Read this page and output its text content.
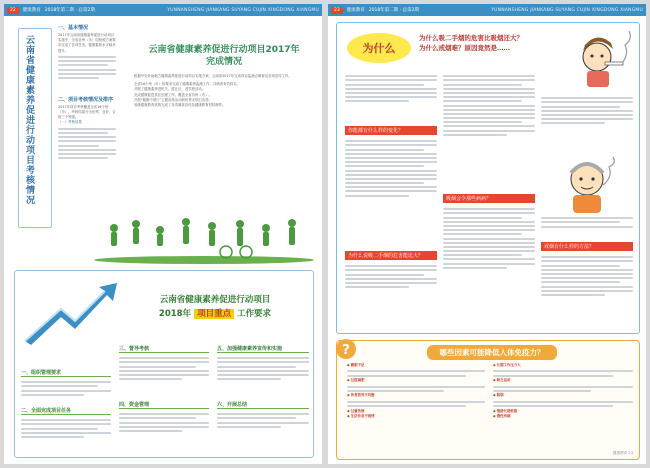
22	健康教育 2018年第二期 · 总第2期	YUNNANSHENG JIANKANG SUYANG CUJIN XINGDONG XIANGMU
云南省健康素养促进行动项目考核情况
一、基本情况
2017年云南省健康素养促进行动项目实施中，全省各州（市）均按照方案要求完成了各项任务，健康素养水平稳步提升。
二、项目考核情况及排序
2017年项目考核覆盖全省16个州（市），考核结果分为优秀、良好、合格三个等级。
（一）考核结果
云南省健康素养促进行动项目2017年完成情况
根据中央补助地方健康素养促进行动项目实施方案，云南省2017年完成项目监测点调查及各项宣传工作。
全省16个州（市）按要求完成了健康素养监测工作，共调查有效样本。
开展了健康素养进机关、进社区、进学校活动。
完成健康促进县区创建工作，覆盖全省各州（市）。
开展“健康中国行”主题宣传活动和世界无烟日宣传。
省级健康教育机构完成了各类媒体宣传及健康教育材料制作。
云南省健康素养促进行动项目
2018年 项目重点 工作要求
一、组织管理要求
二、全面完成项目任务
三、督导考核
四、资金管理
五、加强健康素养宣传和实施
六、开展总结
23	健康教育 2018年第二期 · 总第2期	YUNNANSHENG JIANKANG SUYANG CUJIN XINGDONG XIANGMU
为什么
为什么吸二手烟的危害比吸烟还大？
为什么戒烟难？原因竟然是……
你能都有什么样的变化？
为什么说吸二手烟的危害能比大？
吸烟会令那些病病？
戒烟有什么样的方法？
?	哪些因素可能降低人体免疫力？
◆ 睡眠不足
◆ 过度减肥
◆ 饮食营养不均衡
◆ 过量饮酒
◆ 生活作息不规律
◆ 长期工作压力大
◆ 缺乏运动
◆ 吸烟
◆ 情绪长期低落
◆ 慢性疾病
健康教育·23
